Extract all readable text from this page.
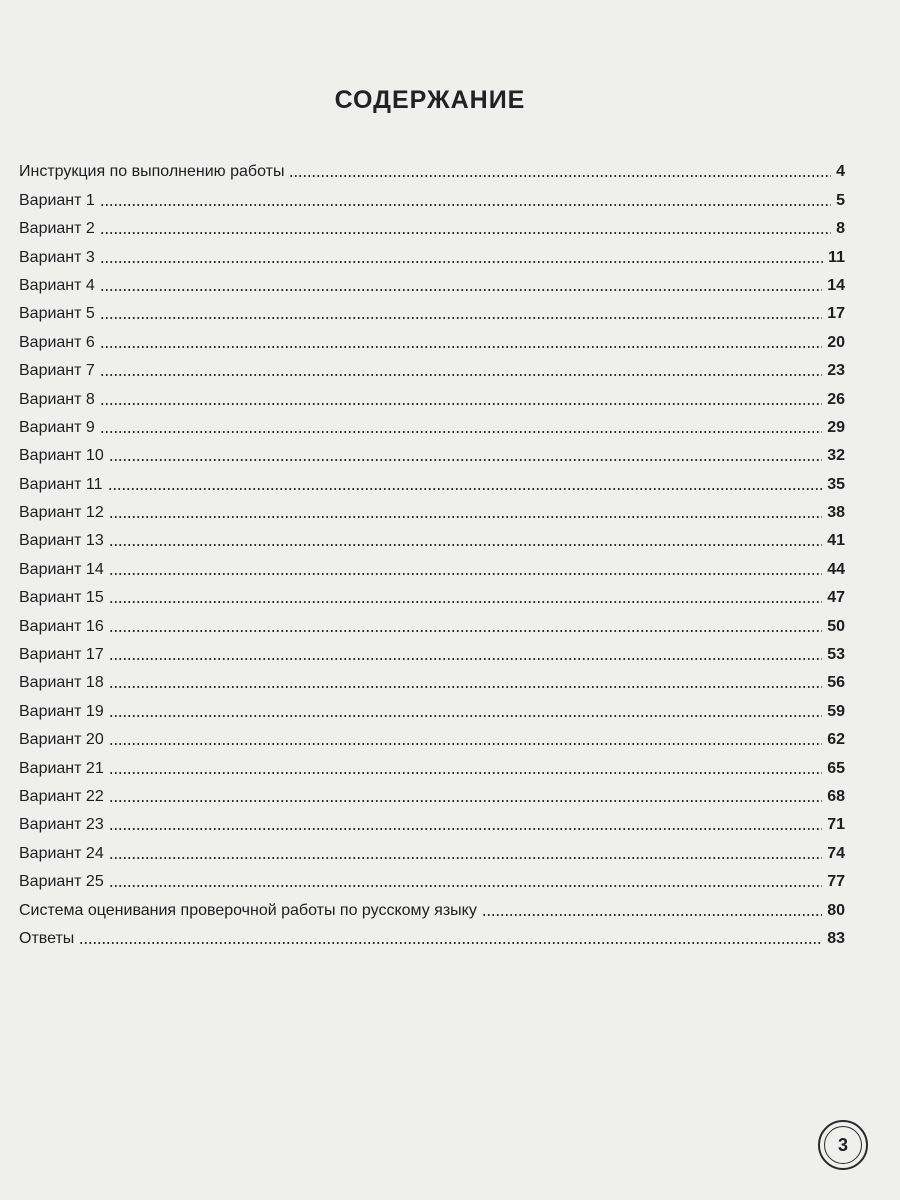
СОДЕРЖАНИЕ
Инструкция по выполнению работы	4
Вариант 1	5
Вариант 2	8
Вариант 3	11
Вариант 4	14
Вариант 5	17
Вариант 6	20
Вариант 7	23
Вариант 8	26
Вариант 9	29
Вариант 10	32
Вариант 11	35
Вариант 12	38
Вариант 13	41
Вариант 14	44
Вариант 15	47
Вариант 16	50
Вариант 17	53
Вариант 18	56
Вариант 19	59
Вариант 20	62
Вариант 21	65
Вариант 22	68
Вариант 23	71
Вариант 24	74
Вариант 25	77
Система оценивания проверочной работы по русскому языку	80
Ответы	83
3
